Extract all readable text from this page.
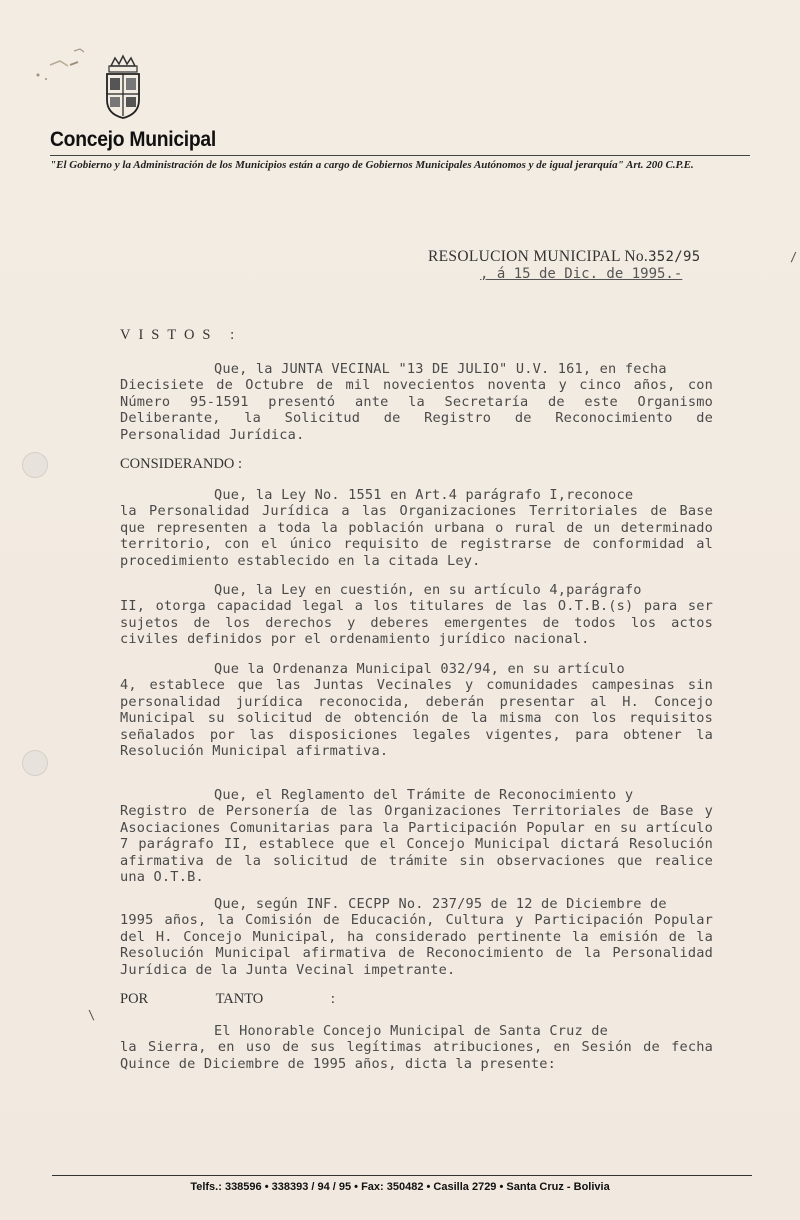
Concejo Municipal
"El Gobierno y la Administración de los Municipios están a cargo de Gobiernos Municipales Autónomos y de igual jerarquía" Art. 200 C.P.E.
RESOLUCION MUNICIPAL No.352/95
, á 15 de Dic. de 1995.-
/
VISTOS :
Que, la JUNTA VECINAL "13 DE JULIO" U.V. 161, en fecha
Diecisiete de Octubre de mil novecientos noventa y cinco años, con Número 95-1591 presentó ante la Secretaría de este Organismo Deliberante, la Solicitud de Registro de Reconocimiento de Personalidad Jurídica.
CONSIDERANDO :
Que, la Ley No. 1551 en Art.4 parágrafo I,reconoce
la Personalidad Jurídica a las Organizaciones Territoriales de Base que representen a toda la población urbana o rural de un determinado territorio, con el único requisito de registrarse de conformidad al procedimiento establecido en la citada Ley.
Que, la Ley en cuestión, en su artículo 4,parágrafo
II, otorga capacidad legal a los titulares de las O.T.B.(s) para ser sujetos de los derechos y deberes emergentes de todos los actos civiles definidos por el ordenamiento jurídico nacional.
Que la Ordenanza Municipal 032/94, en su artículo
4, establece que las Juntas Vecinales y comunidades campesinas sin personalidad jurídica reconocida, deberán presentar al H. Concejo Municipal su solicitud de obtención de la misma con los requisitos señalados por las disposiciones legales vigentes, para obtener la Resolución Municipal afirmativa.
Que, el Reglamento del Trámite de Reconocimiento y
Registro de Personería de las Organizaciones Territoriales de Base y Asociaciones Comunitarias para la Participación Popular en su artículo 7 parágrafo II, establece que el Concejo Municipal dictará Resolución afirmativa de la solicitud de trámite sin observaciones que realice una O.T.B.
Que, según INF. CECPP No. 237/95 de 12 de Diciembre de
1995 años, la Comisión de Educación, Cultura y Participación Popular del H. Concejo Municipal, ha considerado pertinente la emisión de la Resolución Municipal afirmativa de Reconocimiento de la Personalidad Jurídica de la Junta Vecinal impetrante.
POR TANTO :
\
El Honorable Concejo Municipal de Santa Cruz de
la Sierra, en uso de sus legítimas atribuciones, en Sesión de fecha Quince de Diciembre de 1995 años, dicta la presente:
Telfs.: 338596 • 338393 / 94 / 95 • Fax: 350482 • Casilla 2729 • Santa Cruz - Bolivia
